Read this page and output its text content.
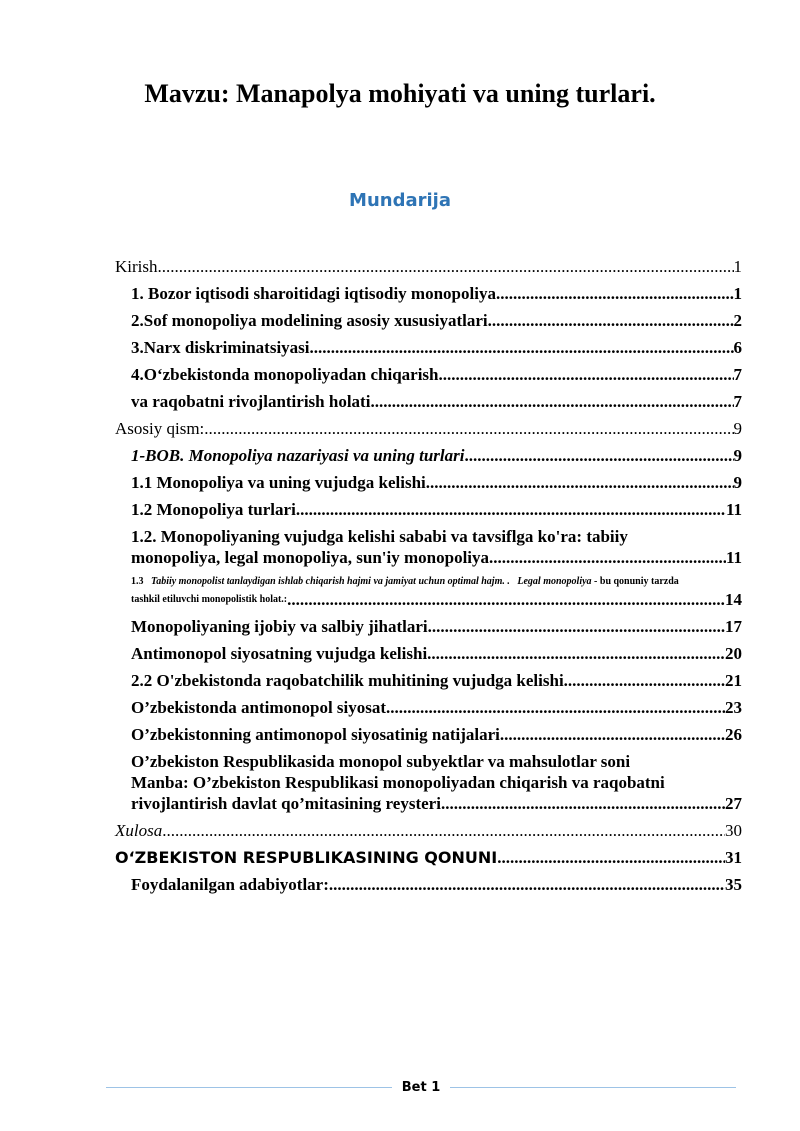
Mavzu: Manapolya mohiyati va uning turlari.
Mundarija
Kirish .....	1
1. Bozor iqtisodi sharoitidagi iqtisodiy monopoliya .....	1
2.Sof monopoliya modelining asosiy xususiyatlari .....	2
3.Narx diskriminatsiyasi .....	6
4.O‘zbekistonda monopoliyadan chiqarish .....	7
va raqobatni rivojlantirish holati .....	7
Asosiy qism: .....	9
1-BOB. Monopoliya nazariyasi va uning turlari .....	9
1.1 Monopoliya va uning vujudga kelishi .....	9
1.2 Monopoliya turlari .....	11
1.2. Monopoliyaning vujudga kelishi sababi va tavsiflga ko'ra: tabiiy
monopoliya, legal monopoliya, sun'iy monopoliya .....	11
1.3 Tabiiy monopolist tanlaydigan ishlab chiqarish hajmi va jamiyat uchun optimal hajm. . Legal monopoliya - bu qonuniy tarzda
tashkil etiluvchi monopolistik holat.: .....	14
Monopoliyaning ijobiy va salbiy jihatlari .....	17
Antimonopol siyosatning vujudga kelishi .....	20
2.2 O'zbekistonda raqobatchilik muhitining vujudga kelishi. .....	21
O’zbekistonda antimonopol siyosat .....	23
O’zbekistonning antimonopol siyosatinig natijalari .....	26
O’zbekiston Respublikasida monopol subyektlar va mahsulotlar soni
Manba: O’zbekiston Respublikasi monopoliyadan chiqarish va raqobatni
rivojlantirish davlat qo’mitasining reysteri .....	27
Xulosa .....	30
O‘ZBEKISTON RESPUBLIKASINING QONUNI .....	31
Foydalanilgan adabiyotlar: .....	35
Bet 1
